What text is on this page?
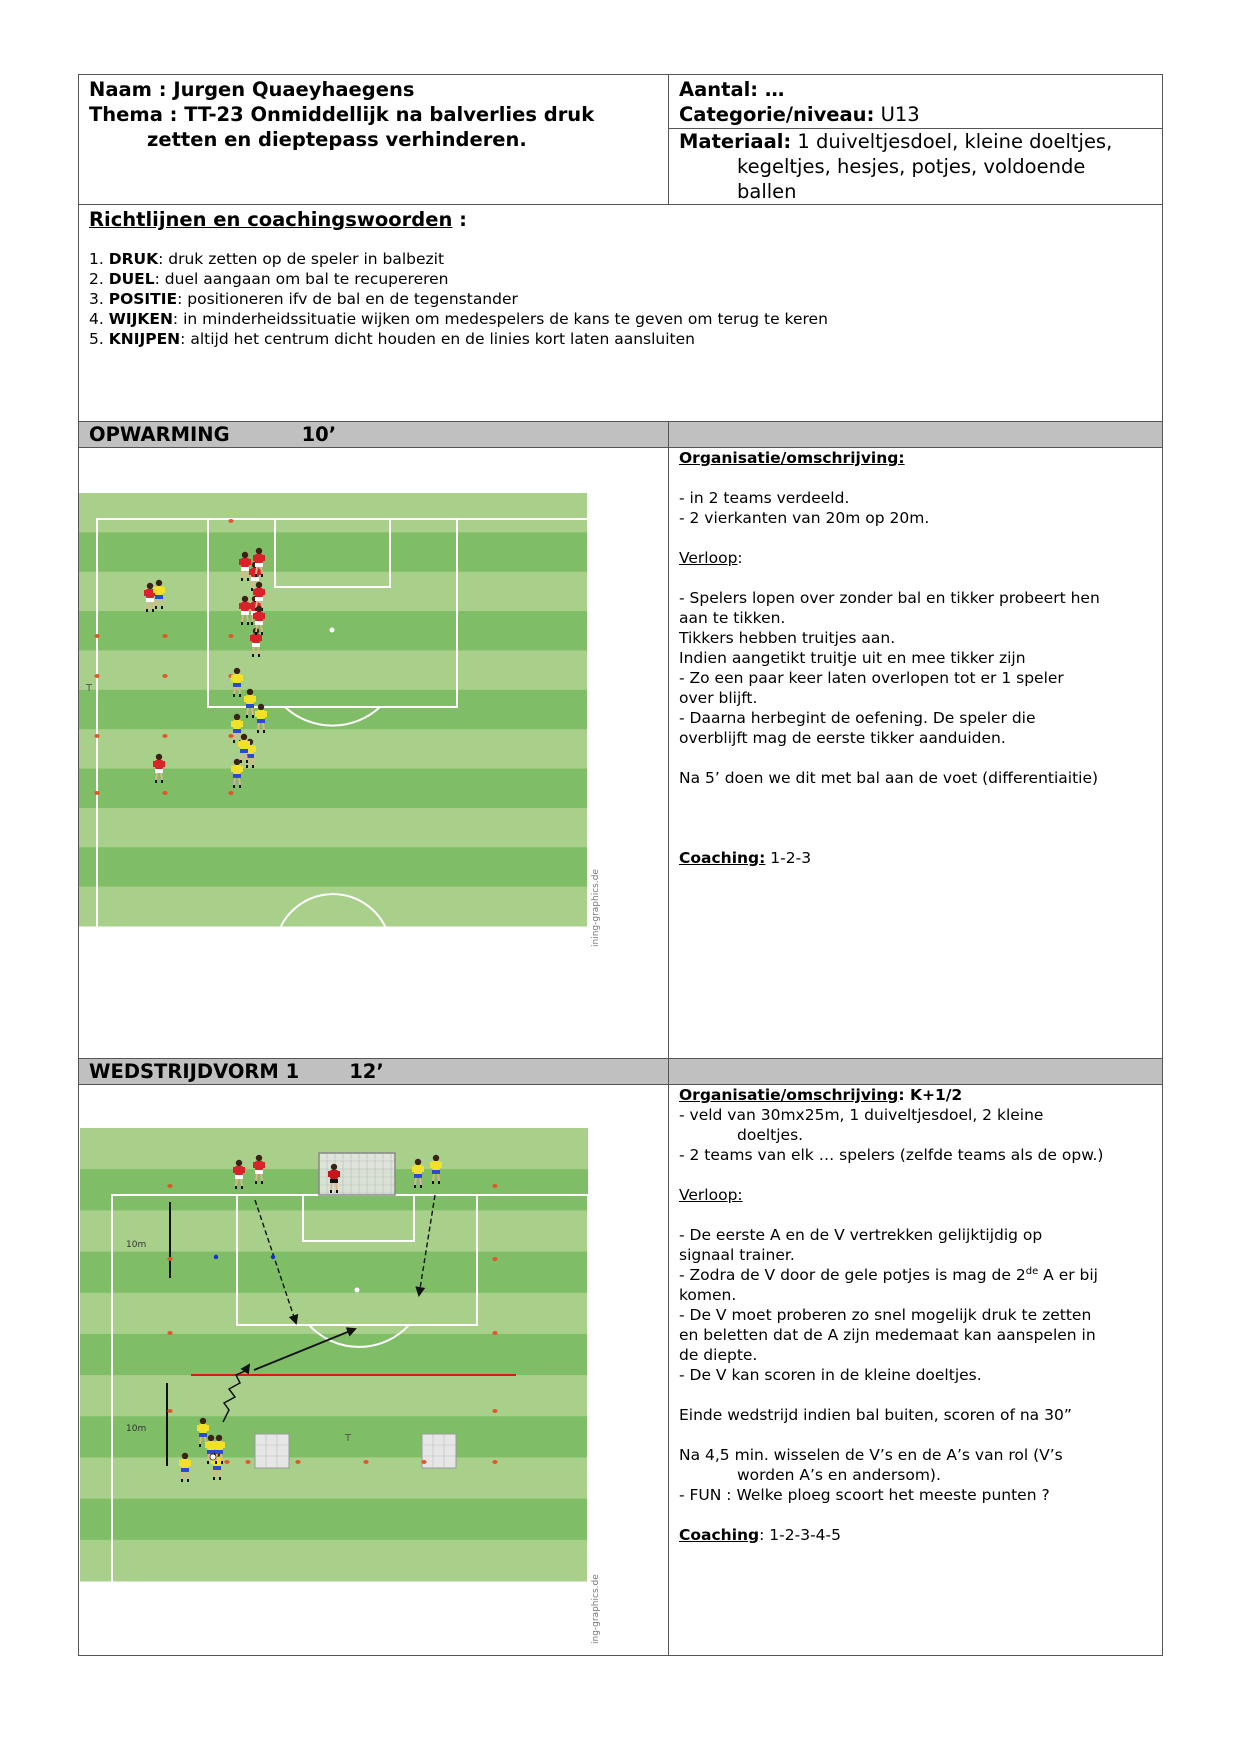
Naam : Jurgen Quaeyhaegens
Thema : TT-23 Onmiddellijk na balverlies druk
zetten en dieptepass verhinderen.
Aantal: …
Categorie/niveau: U13
Materiaal: 1 duiveltjesdoel, kleine doeltjes,
kegeltjes, hesjes, potjes, voldoende
ballen
Richtlijnen en coachingswoorden :
1. DRUK: druk zetten op de speler in balbezit
2. DUEL: duel aangaan om bal te recupereren
3. POSITIE: positioneren ifv de bal en de tegenstander
4. WIJKEN: in minderheidssituatie wijken om medespelers de kans te geven om terug te keren
5. KNIJPEN: altijd het centrum dicht houden en de linies kort laten aansluiten
OPWARMING	10’
T
ining-graphics.de

Organisatie/omschrijving:

- in 2 teams verdeeld.

- 2 vierkanten van 20m op 20m.

Verloop:

- Spelers lopen over zonder bal en tikker probeert hen

aan te tikken.

Tikkers hebben truitjes aan.

Indien aangetikt truitje uit en mee tikker zijn

- Zo een paar keer laten overlopen tot er 1 speler

over blijft.

- Daarna herbegint de oefening. De speler die

overblijft mag de eerste tikker aanduiden.

Na 5’ doen we dit met bal aan de voet (differentiaitie)

Coaching: 1-2-3

WEDSTRIJDVORM 1	12’
10m
10m
T
ing-graphics.de

Organisatie/omschrijving: K+1/2

- veld van 30mx25m, 1 duiveltjesdoel, 2 kleine

doeltjes.

- 2 teams van elk … spelers (zelfde teams als de opw.)

Verloop:

- De eerste A en de V vertrekken gelijktijdig op

signaal trainer.

- Zodra de V door de gele potjes is mag de 2de A er bij

komen.

- De V moet proberen zo snel mogelijk druk te zetten

en beletten dat de A zijn medemaat kan aanspelen in

de diepte.

- De V kan scoren in de kleine doeltjes.

Einde wedstrijd indien bal buiten, scoren of na 30”

Na 4,5 min. wisselen de V’s en de A’s van rol (V’s

worden A’s en andersom).

- FUN : Welke ploeg scoort het meeste punten ?

Coaching: 1-2-3-4-5
